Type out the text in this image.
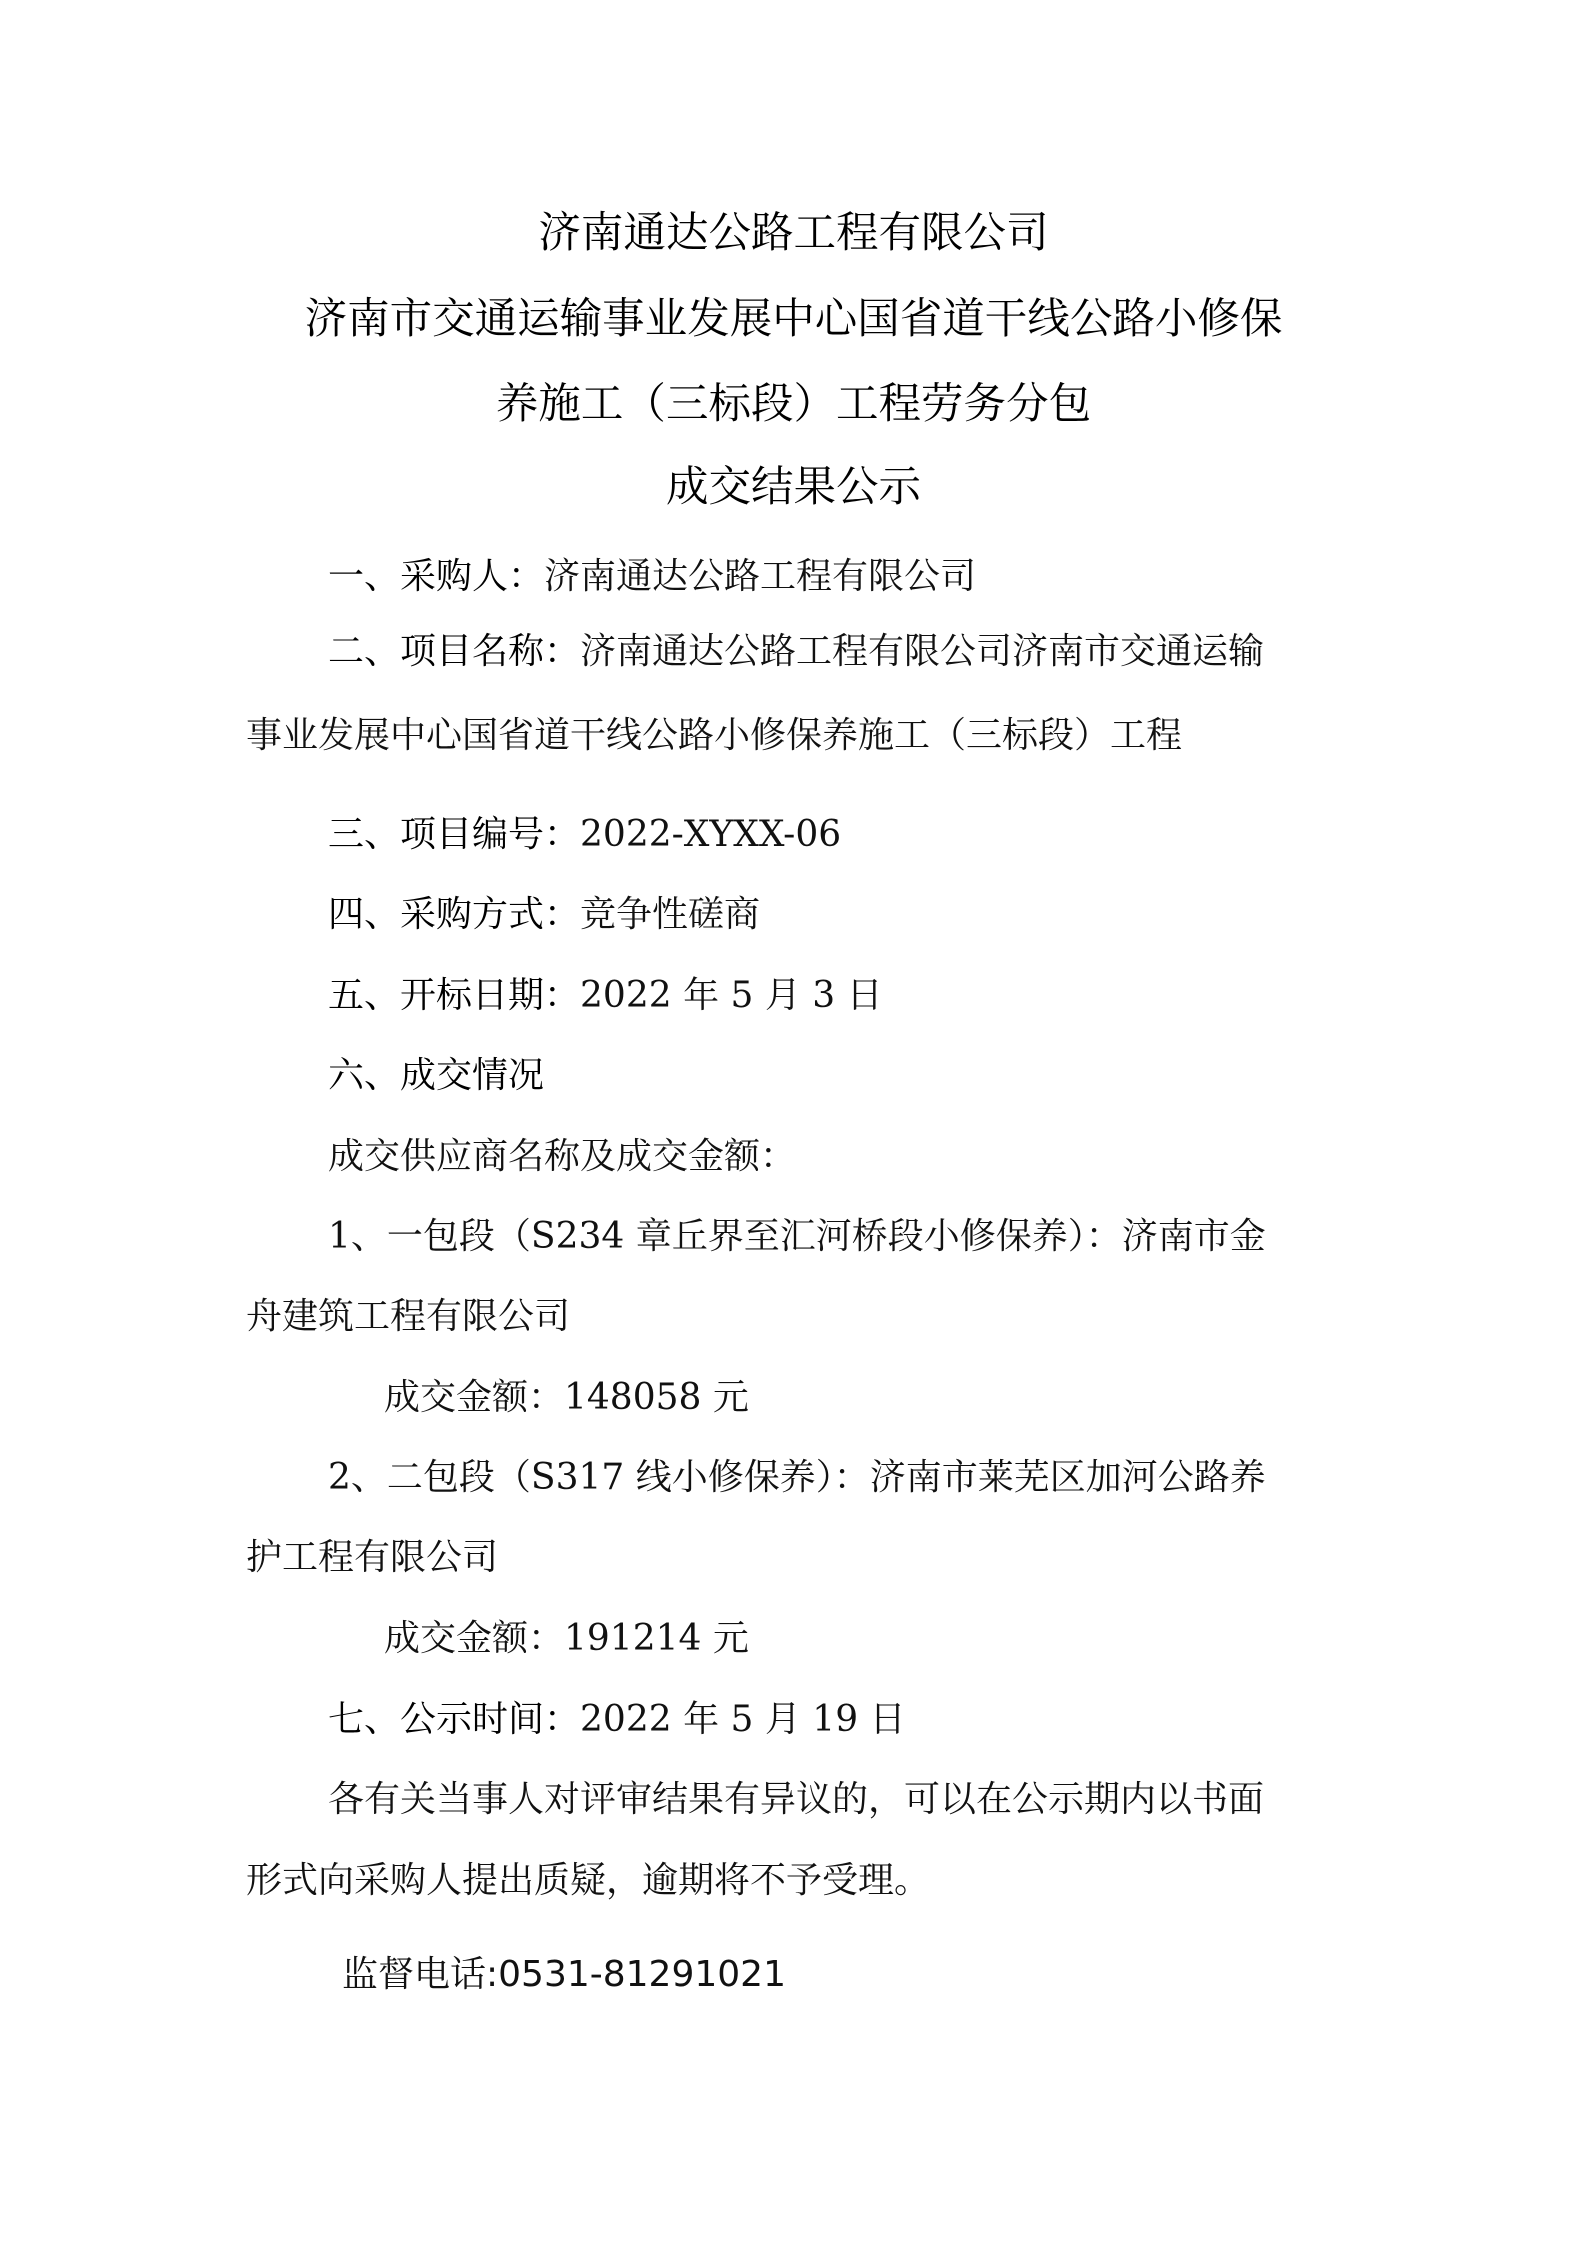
济南通达公路工程有限公司
济南市交通运输事业发展中心国省道干线公路小修保
养施工（三标段）工程劳务分包
成交结果公示
一、采购人：济南通达公路工程有限公司
二、项目名称：济南通达公路工程有限公司济南市交通运输
事业发展中心国省道干线公路小修保养施工（三标段）工程
三、项目编号：2022-XYXX-06
四、采购方式：竞争性磋商
五、开标日期：2022 年 5 月 3 日
六、成交情况
成交供应商名称及成交金额：
1、一包段（S234 章丘界至汇河桥段小修保养）：济南市金
舟建筑工程有限公司
成交金额：148058 元
2、二包段（S317 线小修保养）：济南市莱芜区加河公路养
护工程有限公司
成交金额：191214 元
七、公示时间：2022 年 5 月 19 日
各有关当事人对评审结果有异议的，可以在公示期内以书面
形式向采购人提出质疑，逾期将不予受理。
监督电话:0531-81291021
